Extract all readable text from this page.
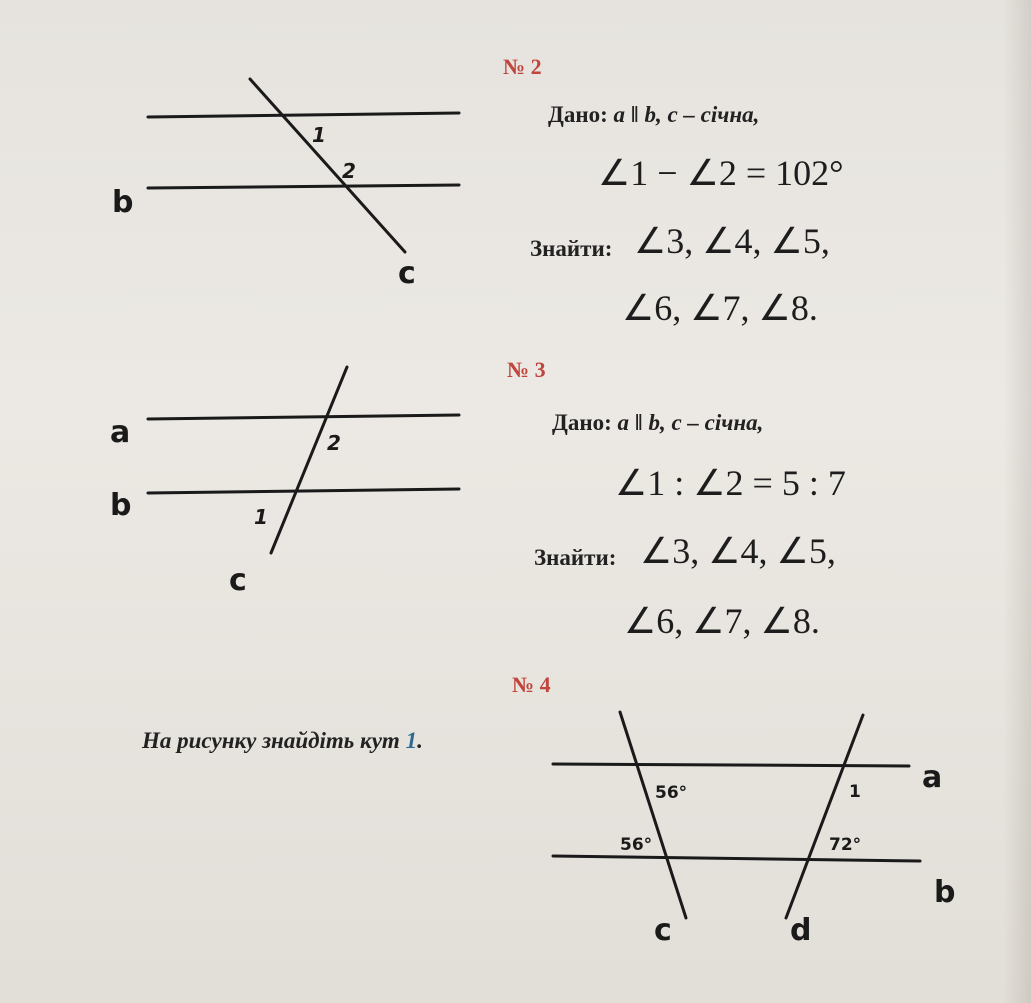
b
c
1
2
a
b
c
2
1
a
b
c	d
56°
56°	72°
1
№ 2
Дано: a ‖ b, c – січна,
∠1 − ∠2 = 102°
Знайти: ∠3, ∠4, ∠5,
∠6, ∠7, ∠8.
№ 3
Дано: a ‖ b, c – січна,
∠1 : ∠2 = 5 : 7
Знайти: ∠3, ∠4, ∠5,
∠6, ∠7, ∠8.
№ 4
На рисунку знайдіть кут 1.
